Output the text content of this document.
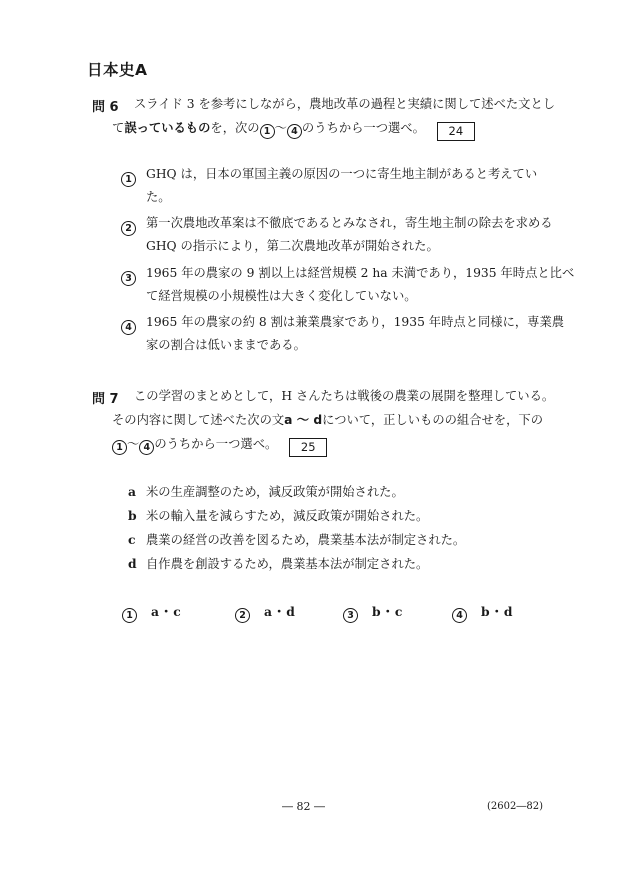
日本史A
問 6 スライド 3 を参考にしながら，農地改革の過程と実績に関して述べた文とし
て誤っているものを，次の 1 ～ 4 のうちから一つ選べ。 24
1	GHQ は，日本の軍国主義の原因の一つに寄生地主制があると考えてい
た。
2	第一次農地改革案は不徹底であるとみなされ，寄生地主制の除去を求める
GHQ の指示により，第二次農地改革が開始された。
3	1965 年の農家の 9 割以上は経営規模 2 ha 未満であり，1935 年時点と比べ
て経営規模の小規模性は大きく変化していない。
4	1965 年の農家の約 8 割は兼業農家であり，1935 年時点と同様に，専業農
家の割合は低いままである。
問 7 この学習のまとめとして，H さんたちは戦後の農業の展開を整理している。
その内容に関して述べた次の文a ～ dについて，正しいものの組合せを，下の
1 ～ 4 のうちから一つ選べ。 25
a 米の生産調整のため，減反政策が開始された。
b 米の輸入量を減らすため，減反政策が開始された。
c 農業の経営の改善を図るため，農業基本法が制定された。
d 自作農を創設するため，農業基本法が制定された。
1 a・c	2 a・d	3 b・c	4 b・d
― 82 ―	(2602―82)
